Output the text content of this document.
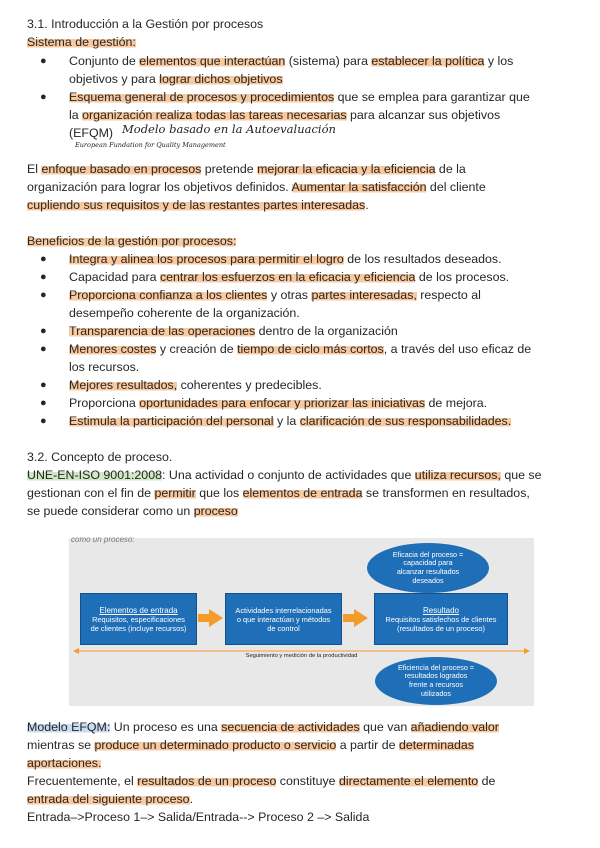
3.1. Introducción a la Gestión por procesos
Sistema de gestión:
● Conjunto de elementos que interactúan (sistema) para establecer la política y los
objetivos y para lograr dichos objetivos
● Esquema general de procesos y procedimientos que se emplea para garantizar que
la organización realiza todas las tareas necesarias para alcanzar sus objetivos
(EFQM) Modelo basado en la Autoevaluación
European Fundation for Quality Management
El enfoque basado en procesos pretende mejorar la eficacia y la eficiencia de la
organización para lograr los objetivos definidos. Aumentar la satisfacción del cliente
cupliendo sus requisitos y de las restantes partes interesadas.
Beneficios de la gestión por procesos:
● Integra y alinea los procesos para permitir el logro de los resultados deseados.
● Capacidad para centrar los esfuerzos en la eficacia y eficiencia de los procesos.
● Proporciona confianza a los clientes y otras partes interesadas, respecto al
desempeño coherente de la organización.
● Transparencia de las operaciones dentro de la organización
● Menores costes y creación de tiempo de ciclo más cortos, a través del uso eficaz de
los recursos.
● Mejores resultados, coherentes y predecibles.
● Proporciona oportunidades para enfocar y priorizar las iniciativas de mejora.
● Estimula la participación del personal y la clarificación de sus responsabilidades.
3.2. Concepto de proceso.
UNE-EN-ISO 9001:2008: Una actividad o conjunto de actividades que utiliza recursos, que se
gestionan con el fin de permitir que los elementos de entrada se transformen en resultados,
se puede considerar como un proceso
como un proceso:
Eficacia del proceso =
capacidad para
alcanzar resultados
deseados
Elementos de entrada
Requisitos, especificaciones
de clientes (incluye recursos)
Actividades interrelacionadas
o que interactúan y métodos
de control
Resultado
Requisitos satisfechos de clientes
(resultados de un proceso)
Seguimiento y medición de la productividad
Eficiencia del proceso =
resultados logrados
frente a recursos
utilizados
Modelo EFQM: Un proceso es una secuencia de actividades que van añadiendo valor
mientras se produce un determinado producto o servicio a partir de determinadas
aportaciones.
Frecuentemente, el resultados de un proceso constituye directamente el elemento de
entrada del siguiente proceso.
Entrada–>Proceso 1–> Salida/Entrada--> Proceso 2 –> Salida
